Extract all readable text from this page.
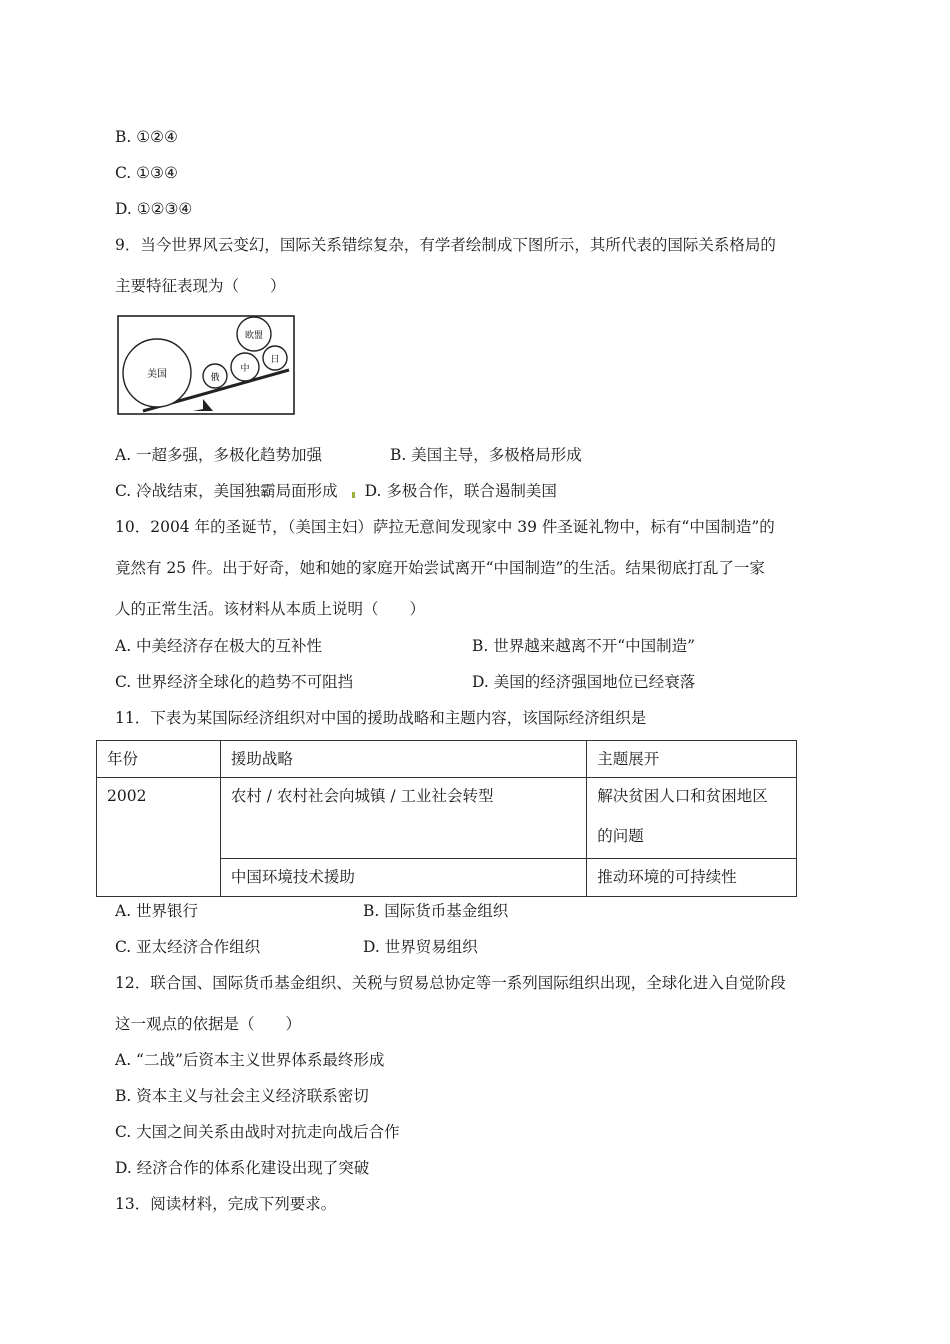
B. ①②④
C. ①③④
D. ①②③④
9．当今世界风云变幻，国际关系错综复杂，有学者绘制成下图所示，其所代表的国际关系格局的
主要特征表现为（　　）
美国	俄
中
欧盟
日
A. 一超多强，多极化趋势加强	B. 美国主导，多极格局形成
C. 冷战结束，美国独霸局面形成 D. 多极合作，联合遏制美国
10．2004 年的圣诞节，（美国主妇）萨拉无意间发现家中 39 件圣诞礼物中，标有“中国制造”的
竟然有 25 件。出于好奇，她和她的家庭开始尝试离开“中国制造”的生活。结果彻底打乱了一家
人的正常生活。该材料从本质上说明（　　）
A. 中美经济存在极大的互补性	B. 世界越来越离不开“中国制造”
C. 世界经济全球化的趋势不可阻挡	D. 美国的经济强国地位已经衰落
11．下表为某国际经济组织对中国的援助战略和主题内容，该国际经济组织是
年份	援助战略	主题展开
2002	农村 / 农村社会向城镇 / 工业社会转型	解决贫困人口和贫困地区
的问题

	中国环境技术援助	推动环境的可持续性
A. 世界银行	B. 国际货币基金组织
C. 亚太经济合作组织	D. 世界贸易组织
12．联合国、国际货币基金组织、关税与贸易总协定等一系列国际组织出现，全球化进入自觉阶段
这一观点的依据是（　　）
A. “二战”后资本主义世界体系最终形成
B. 资本主义与社会主义经济联系密切
C. 大国之间关系由战时对抗走向战后合作
D. 经济合作的体系化建设出现了突破
13．阅读材料，完成下列要求。
